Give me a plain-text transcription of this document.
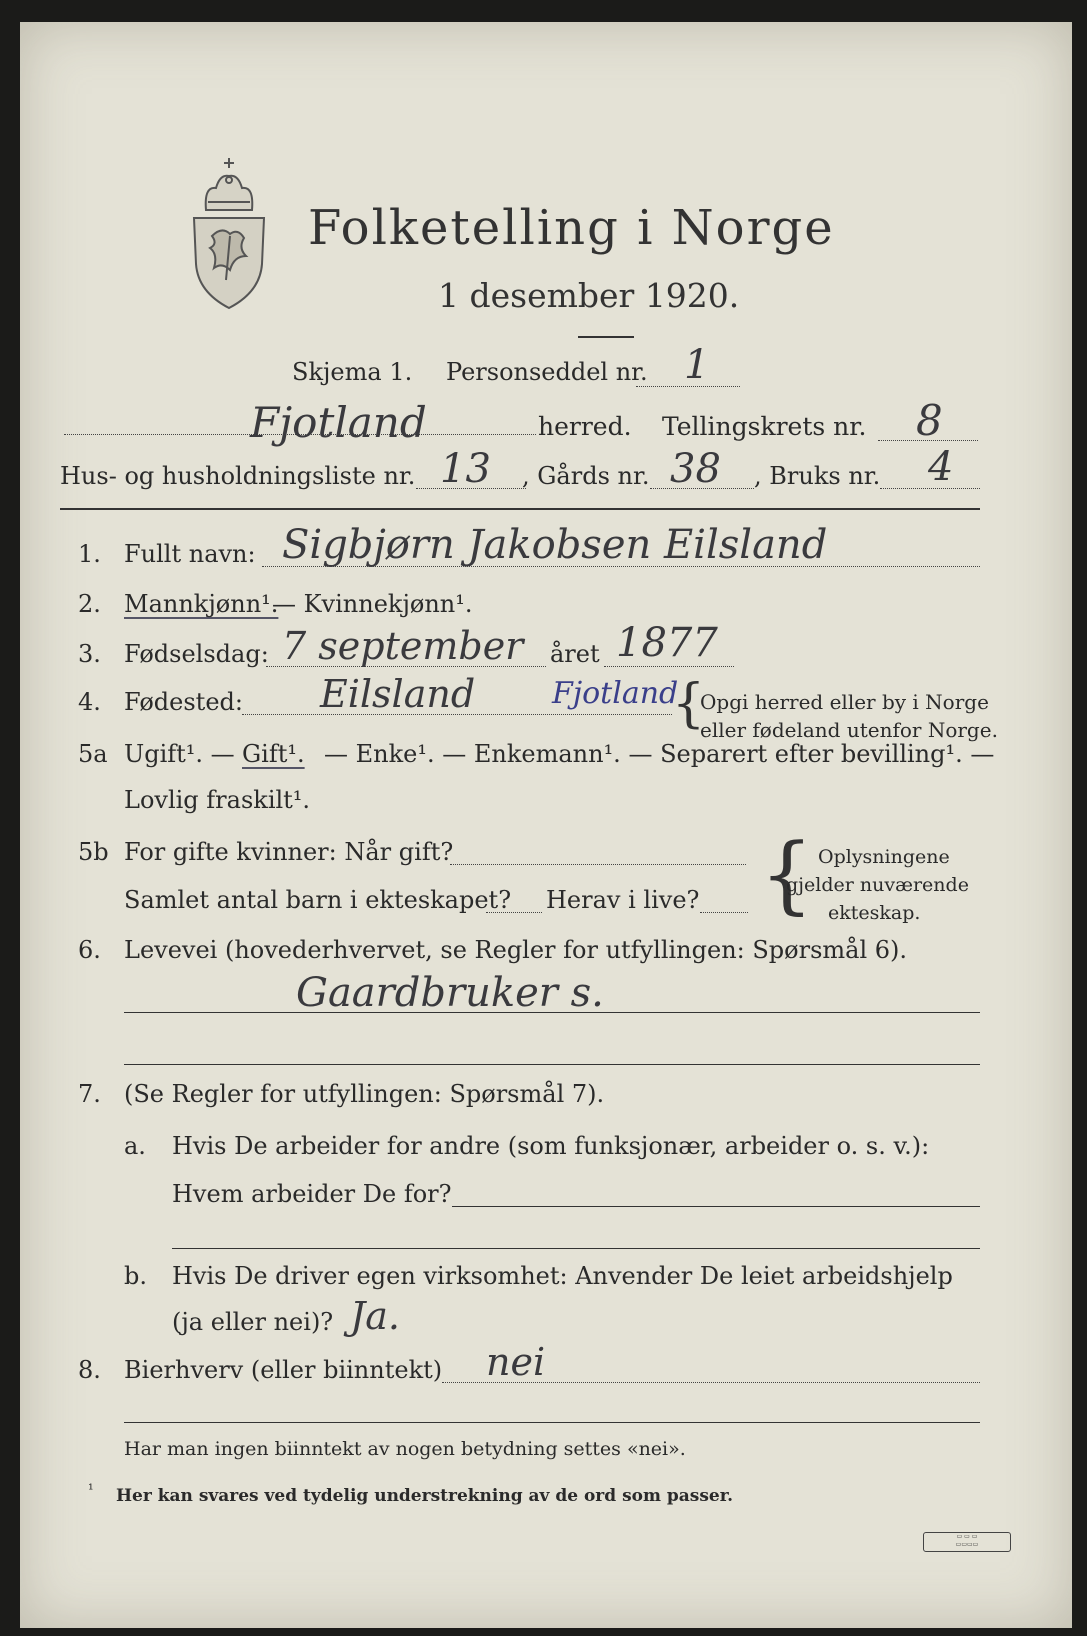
Folketelling i Norge
1 desember 1920.
Skjema 1. Personseddel nr. 1
Fjotland	herred. Tellingskrets nr. 8
Hus- og husholdningsliste nr. 13 , Gårds nr. 38 , Bruks nr. 4
1. Fullt navn: Sigbjørn Jakobsen Eilsland
2. Mannkjønn¹.
— Kvinnekjønn¹.
3. Fødselsdag: 7 september året 1877
4. Fødested: Eilsland	Fjotland
{
Opgi herred eller by i Norge
eller fødeland utenfor Norge.
5a Ugift¹. — Gift¹. — Enke¹. — Enkemann¹. — Separert efter bevilling¹. —
Lovlig fraskilt¹.
5b For gifte kvinner: Når gift?
Samlet antal barn i ekteskapet? Herav i live? { Oplysningene
gjelder nuværende
ekteskap.
6. Levevei (hovederhvervet, se Regler for utfyllingen: Spørsmål 6).
Gaardbruker s.
7. (Se Regler for utfyllingen: Spørsmål 7).
a. Hvis De arbeider for andre (som funksjonær, arbeider o. s. v.):
Hvem arbeider De for?
b. Hvis De driver egen virksomhet: Anvender De leiet arbeidshjelp
(ja eller nei)? Ja.
8. Bierhverv (eller biinntekt) nei
Har man ingen biinntekt av nogen betydning settes «nei».
¹ Her kan svares ved tydelig understrekning av de ord som passer.
▭ ▭ ▭
▭▭▭▭
